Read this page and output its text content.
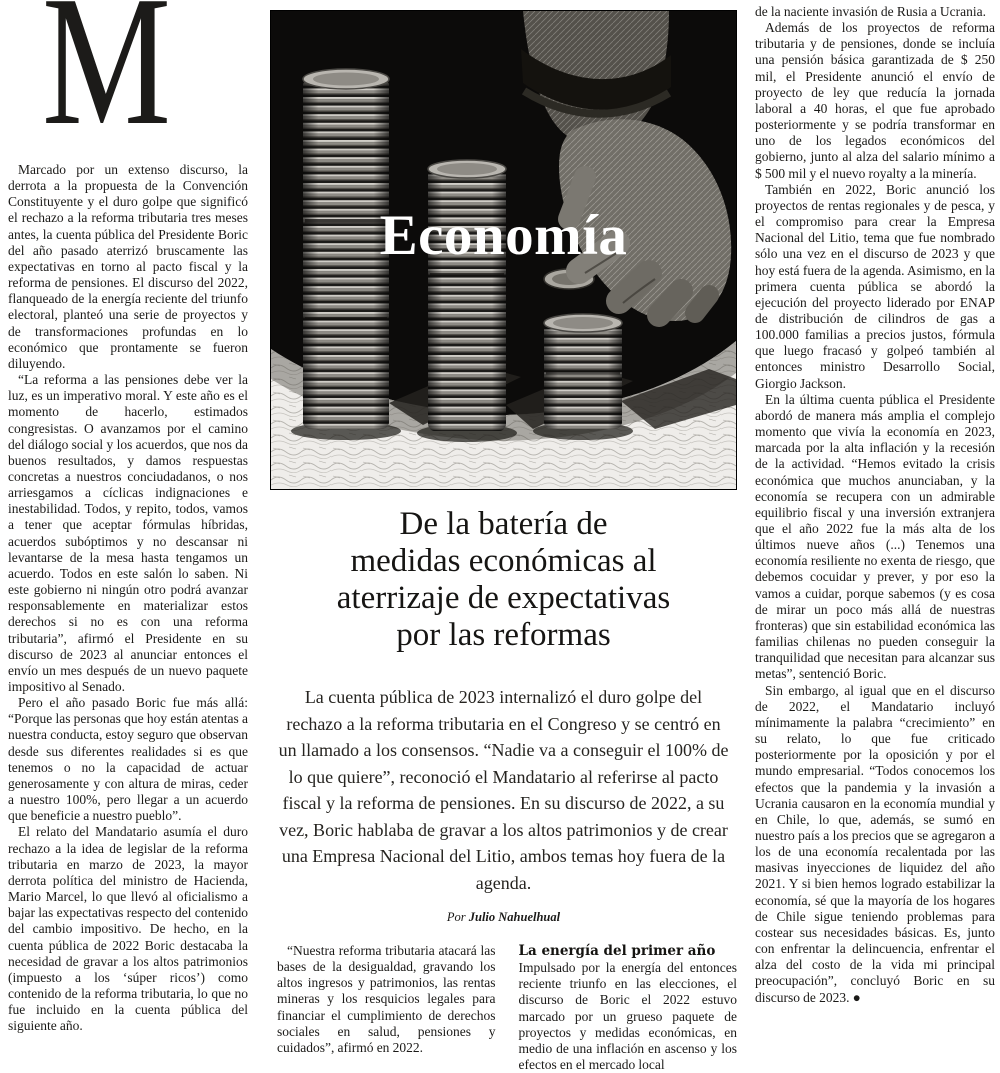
M

Marcado por un extenso discurso, la derrota a la propuesta de la Convención Constituyente y el duro golpe que significó el rechazo a la reforma tributaria tres meses antes, la cuenta pública del Presidente Boric del año pasado aterrizó bruscamente las expectativas en torno al pacto fiscal y la reforma de pensiones. El discurso del 2022, flanqueado de la energía reciente del triunfo electoral, planteó una serie de proyectos y de transformaciones profundas en lo económico que prontamente se fueron diluyendo.

“La reforma a las pensiones debe ver la luz, es un imperativo moral. Y este año es el momento de hacerlo, estimados congresistas. O avanzamos por el camino del diálogo social y los acuerdos, que nos da buenos resultados, y damos respuestas concretas a nuestros conciudadanos, o nos arriesgamos a cíclicas indignaciones e inestabilidad. Todos, y repito, todos, vamos a tener que aceptar fórmulas híbridas, acuerdos subóptimos y no descansar ni levantarse de la mesa hasta tengamos un acuerdo. Todos en este salón lo saben. Ni este gobierno ni ningún otro podrá avanzar responsablemente en materializar estos derechos si no es con una reforma tributaria”, afirmó el Presidente en su discurso de 2023 al anunciar entonces el envío un mes después de un nuevo paquete impositivo al Senado.

Pero el año pasado Boric fue más allá: “Porque las personas que hoy están atentas a nuestra conducta, estoy seguro que observan desde sus diferentes realidades si es que tenemos o no la capacidad de actuar generosamente y con altura de miras, ceder a nuestro 100%, pero llegar a un acuerdo que beneficie a nuestro pueblo”.

El relato del Mandatario asumía el duro rechazo a la idea de legislar de la reforma tributaria en marzo de 2023, la mayor derrota política del ministro de Hacienda, Mario Marcel, lo que llevó al oficialismo a bajar las expectativas respecto del contenido del cambio impositivo. De hecho, en la cuenta pública de 2022 Boric destacaba la necesidad de gravar a los altos patrimonios (impuesto a los ‘súper ricos’) como contenido de la reforma tributaria, lo que no fue incluido en la cuenta pública del siguiente año.

Economía
De la batería de
medidas económicas al
aterrizaje de expectativas
por las reformas

La cuenta pública de 2023 internalizó el duro golpe del rechazo a la reforma tributaria en el Congreso y se centró en un llamado a los consensos. “Nadie va a conseguir el 100% de lo que quiere”, reconoció el Mandatario al referirse al pacto fiscal y la reforma de pensiones. En su discurso de 2022, a su vez, Boric hablaba de gravar a los altos patrimonios y de crear una Empresa Nacional del Litio, ambos temas hoy fuera de la agenda.

Por Julio Nahuelhual

“Nuestra reforma tributaria atacará las bases de la desigualdad, gravando los altos ingresos y patrimonios, las rentas mineras y los resquicios legales para financiar el cumplimiento de derechos sociales en salud, pensiones y cuidados”, afirmó en 2022.

La energía del primer año

Impulsado por la energía del entonces reciente triunfo en las elecciones, el discurso de Boric el 2022 estuvo marcado por un grueso paquete de proyectos y medidas económicas, en medio de una inflación en ascenso y los efectos en el mercado local

de la naciente invasión de Rusia a Ucrania.

Además de los proyectos de reforma tributaria y de pensiones, donde se incluía una pensión básica garantizada de $ 250 mil, el Presidente anunció el envío de proyecto de ley que reducía la jornada laboral a 40 horas, el que fue aprobado posteriormente y se podría transformar en uno de los legados económicos del gobierno, junto al alza del salario mínimo a $ 500 mil y el nuevo royalty a la minería.

También en 2022, Boric anunció los proyectos de rentas regionales y de pesca, y el compromiso para crear la Empresa Nacional del Litio, tema que fue nombrado sólo una vez en el discurso de 2023 y que hoy está fuera de la agenda. Asimismo, en la primera cuenta pública se abordó la ejecución del proyecto liderado por ENAP de distribución de cilindros de gas a 100.000 familias a precios justos, fórmula que luego fracasó y golpeó también al entonces ministro Desarrollo Social, Giorgio Jackson.

En la última cuenta pública el Presidente abordó de manera más amplia el complejo momento que vivía la economía en 2023, marcada por la alta inflación y la recesión de la actividad. “Hemos evitado la crisis económica que muchos anunciaban, y la economía se recupera con un admirable equilibrio fiscal y una inversión extranjera que el año 2022 fue la más alta de los últimos nueve años (...) Tenemos una economía resiliente no exenta de riesgo, que debemos cocuidar y prever, y por eso la vamos a cuidar, porque sabemos (y es cosa de mirar un poco más allá de nuestras fronteras) que sin estabilidad económica las familias chilenas no pueden conseguir la tranquilidad que necesitan para alcanzar sus metas”, sentenció Boric.

Sin embargo, al igual que en el discurso de 2022, el Mandatario incluyó mínimamente la palabra “crecimiento” en su relato, lo que fue criticado posteriormente por la oposición y por el mundo empresarial. “Todos conocemos los efectos que la pandemia y la invasión a Ucrania causaron en la economía mundial y en Chile, lo que, además, se sumó en nuestro país a los precios que se agregaron a los de una economía recalentada por las masivas inyecciones de liquidez del año 2021. Y si bien hemos logrado estabilizar la economía, sé que la mayoría de los hogares de Chile sigue teniendo problemas para costear sus necesidades básicas. Es, junto con enfrentar la delincuencia, enfrentar el alza del costo de la vida mi principal preocupación”, concluyó Boric en su discurso de 2023. ●
